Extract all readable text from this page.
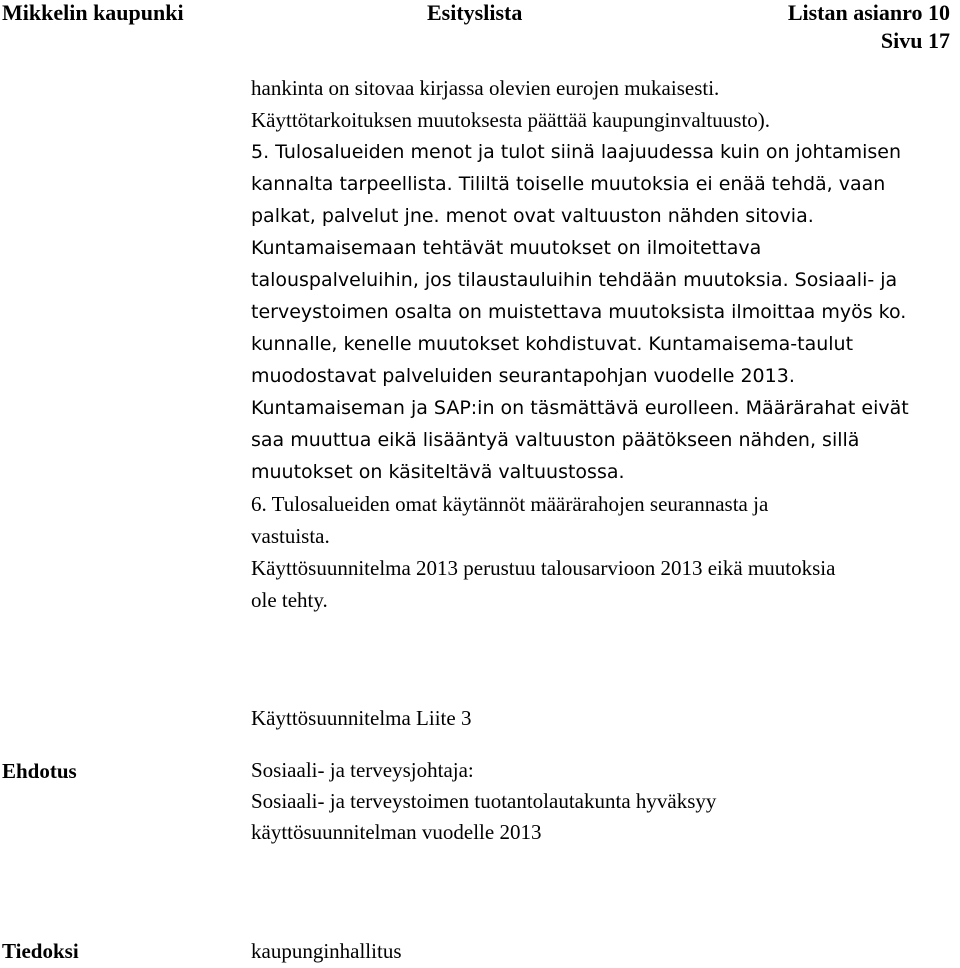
Mikkelin kaupunki	Esityslista	Listan asianro 10
Sivu 17
hankinta on sitovaa kirjassa olevien eurojen mukaisesti.
Käyttötarkoituksen muutoksesta päättää kaupunginvaltuusto).
5. Tulosalueiden menot ja tulot siinä laajuudessa kuin on johtamisen
kannalta tarpeellista. Tililtä toiselle muutoksia ei enää tehdä, vaan
palkat, palvelut jne. menot ovat valtuuston nähden sitovia.
Kuntamaisemaan tehtävät muutokset on ilmoitettava
talouspalveluihin, jos tilaustauluihin tehdään muutoksia. Sosiaali- ja
terveystoimen osalta on muistettava muutoksista ilmoittaa myös ko.
kunnalle, kenelle muutokset kohdistuvat. Kuntamaisema-taulut
muodostavat palveluiden seurantapohjan vuodelle 2013.
Kuntamaiseman ja SAP:in on täsmättävä eurolleen. Määrärahat eivät
saa muuttua eikä lisääntyä valtuuston päätökseen nähden, sillä
muutokset on käsiteltävä valtuustossa.
6. Tulosalueiden omat käytännöt määrärahojen seurannasta ja
vastuista.
Käyttösuunnitelma 2013 perustuu talousarvioon 2013 eikä muutoksia
ole tehty.
Käyttösuunnitelma Liite 3
Ehdotus	Sosiaali- ja terveysjohtaja:
Sosiaali- ja terveystoimen tuotantolautakunta hyväksyy
käyttösuunnitelman vuodelle 2013
Tiedoksi	kaupunginhallitus
